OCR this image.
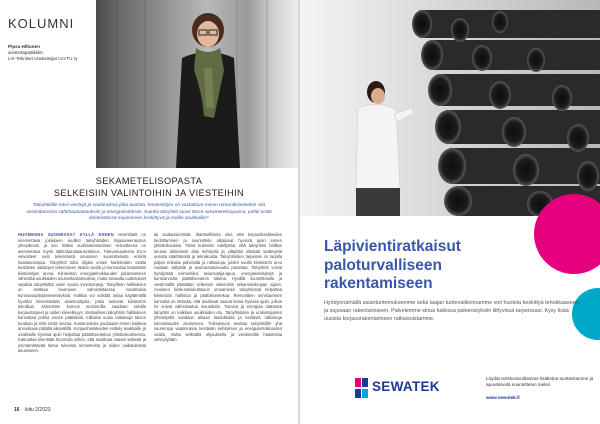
KOLUMNI
Pipsa Hiltunen
viestintäpäällikkö
LVI-Tekniset Urakoitsijat LVI-TU ry
SEKAMETELISOPASTA
SELKEISIIN VALINTOIHIN JA VIESTEIHIN
Taloyhtiöille tulvii viestejä ja vaatimuksia joka tuutista. Kiinteistöjen on vastattava monin remonttiviesteihin sitä vesimittareista sähköautolatauksiin ja energiaindeksiin. Kuinka taloyhtiö luovii tässä sekametelisopassa, pohtii eräät kiinteistöissä sopimiseen keskittyvä ja mailla asukkaille?
HUOMENNA SUOMESSA? KYLLÄ ENNEN vesimittarit on asennettava jokaiseen kodiksi taloyhtiöiden linjasaneerausten yhteydessä, ja sen lisäksi uudisrakentamisen velvoitteena on asennettava myös sähköautolatausvalmius. Tulevaisuudessa EU:n velvoitteet ovat tekemässä asumisen suunnittelusta entistä haastavampaa. Taloyhtiöt tulisi ohjata omien hankkeiden osalta kestävien valintojen tekemiseen tiedon avulla ja kannustaa lisäämään kiinteistöjen arvoa. Kiinteistön energiatehokkuuden parantaminen vähentää asukkaiden asumiskustannuksia, mutta toisaalta uudistukset vaativat taloyhtiöltä usein suuria investointeja. Taloyhtiön hallituksen on otettava huomioon valmisteltaessa vuosittaisia kunnossapitotarveselvityksiä. Hallitus voi edistää asiaa käyttämällä hyväksi kiinteistöalan asiantuntijoita, jotka tuntevat kiinteistön tekniikan. Kiinteistön kunnon arvioinnilla saadaan selville korjaustarpeet ja niiden kiireellisyys. Vastuullisen taloyhtiön hallituksen kannattaa pohtia ennen päätöksiä, millaisia uusia ratkaisuja taloon tuodaan ja mitä niistä seuraa. Kustannuksia joudutaan ennen kaikkea arvioimaan pitkällä aikavälillä. Korjaushankkeiden esittely asukkaille ja osakkaille hyvissä ajoin helpottaa päätöksentekoa yhtiökokouksessa. Kannattaa kiinnittää huomiota siihen, että asukkaat saavat selkeää ja ymmärrettävää tietoa tulevista remonteista ja niiden vaikutuksista asumiseen.
tai asukasviestintä. Ihanteellisinta olisi, että korjaushankkeiden tiedottaminen ja suunnittelu alkaisivat hyvissä ajoin ennen yhtiökokouksia. Tämä kuitenkin edellyttää, että taloyhtiön hallitus seuraa aktiivisesti alan kehitystä ja ylläpitää riittävää tietämystä uusista säädöksistä ja tekniikoista. Taloyhtiöiden tarpeisiin on tarjolla paljon erilaisia palveluita ja ratkaisuja, joiden avulla kiinteistön arvo voidaan säilyttää ja asumismukavuutta parantaa. Taloyhtiöt voivat hyödyntää esimerkiksi asiantuntija-apua, energiaselvityksiä ja kuntoarvioita päätöksenteon tukena. Hyvällä suunnittelulla ja viestinnällä päästään selkeisiin valintoihin sekametelisopan sijaan. Avoimen keskustelukulttuurin omaaminen taloyhtiössä helpottaa kiinteistön hallintoa ja päätöksentekoa. Remonttien onnistumisen kannalta on tärkeää, että asukkaat saavat tietoa hyvissä ajoin, jolloin he voivat valmistautua muutoksiin. Toimiva ja energiaa säästävä taloyhtiö on kaikkien asukkaiden etu. Taloyhtiöiden ja urakoitsijoiden yhteistyöllä saadaan aikaan laadukkaita ja kestäviä ratkaisuja tulevaisuuden asumiseen. Tulevaisuus asettaa taloyhtiöille yhä suurempia vaatimuksia kestävän kehityksen ja energiatehokkuuden osalta, mutta selkeällä ohjauksella ja viestinnällä haasteista selviydytään.
16 kiitu 2/2023
Läpivientiratkaisut
paloturvalliseen
rakentamiseen
Hyödynnämällä asiantuntemuksemme sekä laajan tuotevalikoimamme voit huoleta keskittyä tehokkaaseen ja sujuvaan rakentamiseen. Palvelemme sinua kaikissa paloeristyksiin liittyvissä tarpeissasi. Kysy lisää uusista korjausrakentamisen ratkaisuistamme.
SEWATEK
Löydät verkkosivuiltamme lisätietoa tuotteistamme ja apuvälineitä suunnittelun tueksi
www.sewatek.fi
